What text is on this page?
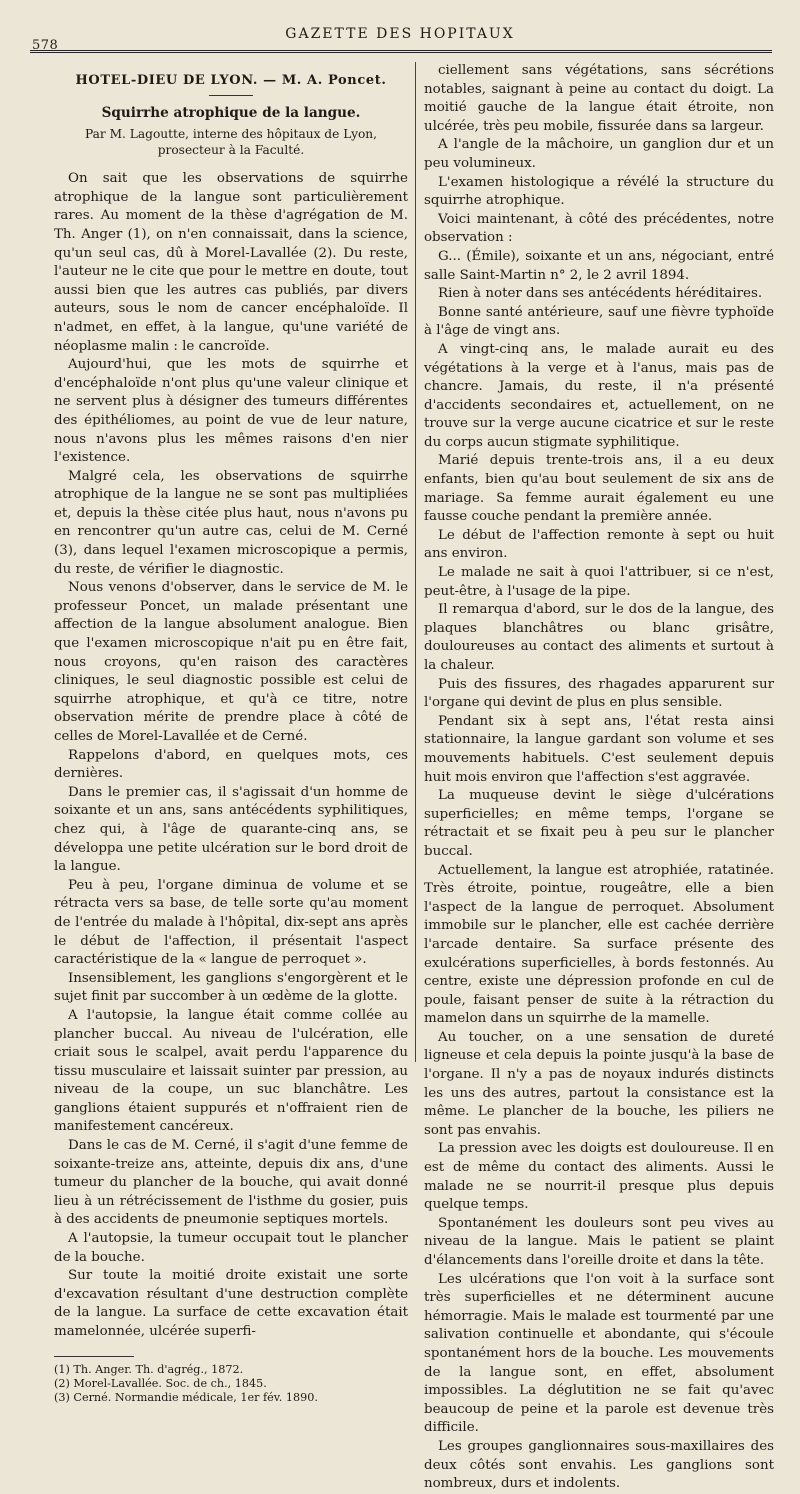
578
GAZETTE DES HOPITAUX
HOTEL-DIEU DE LYON. — M. A. Poncet.
Squirrhe atrophique de la langue.
Par M. Lagoutte, interne des hôpitaux de Lyon, prosecteur à la Faculté.

On sait que les observations de squirrhe atrophique de la langue sont particulièrement rares. Au moment de la thèse d'agrégation de M. Th. Anger (1), on n'en connaissait, dans la science, qu'un seul cas, dû à Morel-Lavallée (2). Du reste, l'auteur ne le cite que pour le mettre en doute, tout aussi bien que les autres cas publiés, par divers auteurs, sous le nom de cancer encéphaloïde. Il n'admet, en effet, à la langue, qu'une variété de néoplasme malin : le cancroïde.

Aujourd'hui, que les mots de squirrhe et d'encéphaloïde n'ont plus qu'une valeur clinique et ne servent plus à désigner des tumeurs différentes des épithéliomes, au point de vue de leur nature, nous n'avons plus les mêmes raisons d'en nier l'existence.

Malgré cela, les observations de squirrhe atrophique de la langue ne se sont pas multipliées et, depuis la thèse citée plus haut, nous n'avons pu en rencontrer qu'un autre cas, celui de M. Cerné (3), dans lequel l'examen microscopique a permis, du reste, de vérifier le diagnostic.

Nous venons d'observer, dans le service de M. le professeur Poncet, un malade présentant une affection de la langue absolument analogue. Bien que l'examen microscopique n'ait pu en être fait, nous croyons, qu'en raison des caractères cliniques, le seul diagnostic possible est celui de squirrhe atrophique, et qu'à ce titre, notre observation mérite de prendre place à côté de celles de Morel-Lavallée et de Cerné.

Rappelons d'abord, en quelques mots, ces dernières.

Dans le premier cas, il s'agissait d'un homme de soixante et un ans, sans antécédents syphilitiques, chez qui, à l'âge de quarante-cinq ans, se développa une petite ulcération sur le bord droit de la langue.

Peu à peu, l'organe diminua de volume et se rétracta vers sa base, de telle sorte qu'au moment de l'entrée du malade à l'hôpital, dix-sept ans après le début de l'affection, il présentait l'aspect caractéristique de la « langue de perroquet ».

Insensiblement, les ganglions s'engorgèrent et le sujet finit par succomber à un œdème de la glotte.

A l'autopsie, la langue était comme collée au plancher buccal. Au niveau de l'ulcération, elle criait sous le scalpel, avait perdu l'apparence du tissu musculaire et laissait suinter par pression, au niveau de la coupe, un suc blanchâtre. Les ganglions étaient suppurés et n'offraient rien de manifestement cancéreux.

Dans le cas de M. Cerné, il s'agit d'une femme de soixante-treize ans, atteinte, depuis dix ans, d'une tumeur du plancher de la bouche, qui avait donné lieu à un rétrécissement de l'isthme du gosier, puis à des accidents de pneumonie septiques mortels.

A l'autopsie, la tumeur occupait tout le plancher de la bouche.

Sur toute la moitié droite existait une sorte d'excavation résultant d'une destruction complète de la langue. La surface de cette excavation était mamelonnée, ulcérée superfi-

(1) Th. Anger. Th. d'agrég., 1872.
(2) Morel-Lavallée. Soc. de ch., 1845.
(3) Cerné. Normandie médicale, 1er fév. 1890.

ciellement sans végétations, sans sécrétions notables, saignant à peine au contact du doigt. La moitié gauche de la langue était étroite, non ulcérée, très peu mobile, fissurée dans sa largeur.

A l'angle de la mâchoire, un ganglion dur et un peu volumineux.

L'examen histologique a révélé la structure du squirrhe atrophique.

Voici maintenant, à côté des précédentes, notre observation :

G... (Émile), soixante et un ans, négociant, entré salle Saint-Martin n° 2, le 2 avril 1894.

Rien à noter dans ses antécédents héréditaires.

Bonne santé antérieure, sauf une fièvre typhoïde à l'âge de vingt ans.

A vingt-cinq ans, le malade aurait eu des végétations à la verge et à l'anus, mais pas de chancre. Jamais, du reste, il n'a présenté d'accidents secondaires et, actuellement, on ne trouve sur la verge aucune cicatrice et sur le reste du corps aucun stigmate syphilitique.

Marié depuis trente-trois ans, il a eu deux enfants, bien qu'au bout seulement de six ans de mariage. Sa femme aurait également eu une fausse couche pendant la première année.

Le début de l'affection remonte à sept ou huit ans environ.

Le malade ne sait à quoi l'attribuer, si ce n'est, peut-être, à l'usage de la pipe.

Il remarqua d'abord, sur le dos de la langue, des plaques blanchâtres ou blanc grisâtre, douloureuses au contact des aliments et surtout à la chaleur.

Puis des fissures, des rhagades apparurent sur l'organe qui devint de plus en plus sensible.

Pendant six à sept ans, l'état resta ainsi stationnaire, la langue gardant son volume et ses mouvements habituels. C'est seulement depuis huit mois environ que l'affection s'est aggravée.

La muqueuse devint le siège d'ulcérations superficielles; en même temps, l'organe se rétractait et se fixait peu à peu sur le plancher buccal.

Actuellement, la langue est atrophiée, ratatinée. Très étroite, pointue, rougeâtre, elle a bien l'aspect de la langue de perroquet. Absolument immobile sur le plancher, elle est cachée derrière l'arcade dentaire. Sa surface présente des exulcérations superficielles, à bords festonnés. Au centre, existe une dépression profonde en cul de poule, faisant penser de suite à la rétraction du mamelon dans un squirrhe de la mamelle.

Au toucher, on a une sensation de dureté ligneuse et cela depuis la pointe jusqu'à la base de l'organe. Il n'y a pas de noyaux indurés distincts les uns des autres, partout la consistance est la même. Le plancher de la bouche, les piliers ne sont pas envahis.

La pression avec les doigts est douloureuse. Il en est de même du contact des aliments. Aussi le malade ne se nourrit-il presque plus depuis quelque temps.

Spontanément les douleurs sont peu vives au niveau de la langue. Mais le patient se plaint d'élancements dans l'oreille droite et dans la tête.

Les ulcérations que l'on voit à la surface sont très superficielles et ne déterminent aucune hémorragie. Mais le malade est tourmenté par une salivation continuelle et abondante, qui s'écoule spontanément hors de la bouche. Les mouvements de la langue sont, en effet, absolument impossibles. La déglutition ne se fait qu'avec beaucoup de peine et la parole est devenue très difficile.

Les groupes ganglionnaires sous-maxillaires des deux côtés sont envahis. Les ganglions sont nombreux, durs et indolents.
